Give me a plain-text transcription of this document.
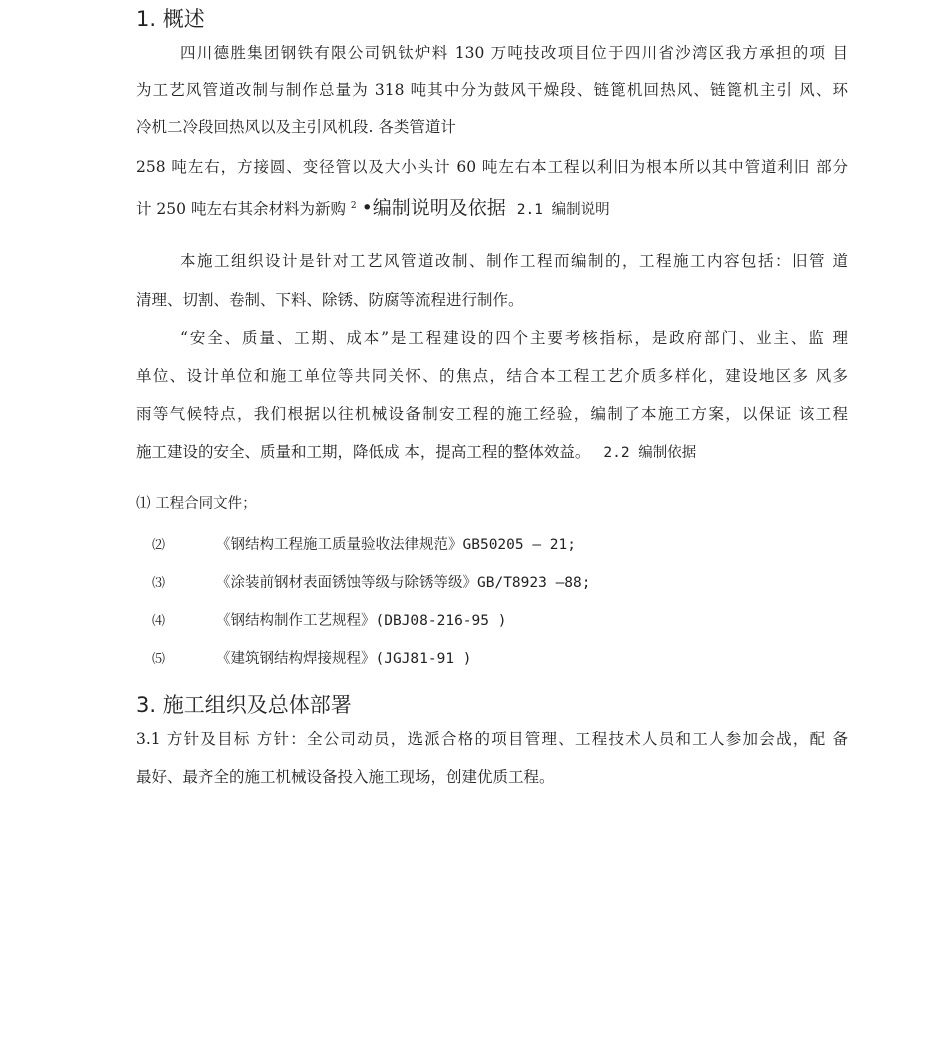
1. 概述
四川德胜集团钢铁有限公司钒钛炉料 130 万吨技改项目位于四川省沙湾区我方承担的项 目
为工艺风管道改制与制作总量为 318 吨其中分为鼓风干燥段、链篦机回热风、链篦机主引 风、环
冷机二冷段回热风以及主引风机段. 各类管道计
258 吨左右，方接圆、变径管以及大小头计 60 吨左右本工程以利旧为根本所以其中管道利旧 部分
计 250 吨左右其余材料为新购 $^2$ •编制说明及依据 2.1 编制说明
本施工组织设计是针对工艺风管道改制、制作工程而编制的，工程施工内容包括：旧管 道
清理、切割、卷制、下料、除锈、防腐等流程进行制作。
“安全、质量、工期、成本”是工程建设的四个主要考核指标，是政府部门、业主、监 理
单位、设计单位和施工单位等共同关怀、的焦点，结合本工程工艺介质多样化，建设地区多 风多
雨等气候特点，我们根据以往机械设备制安工程的施工经验，编制了本施工方案，以保证 该工程
施工建设的安全、质量和工期，降低成 本，提高工程的整体效益。 2.2 编制依据
⑴ 工程合同文件；
⑵	《钢结构工程施工质量验收法律规范》GB50205 — 21;
⑶	《涂装前钢材表面锈蚀等级与除锈等级》GB/T8923 —88;
⑷	《钢结构制作工艺规程》(DBJ08-216-95 )
⑸	《建筑钢结构焊接规程》(JGJ81-91 )
3. 施工组织及总体部署
3.1 方针及目标 方针：全公司动员，选派合格的项目管理、工程技术人员和工人参加会战，配 备
最好、最齐全的施工机械设备投入施工现场，创建优质工程。
